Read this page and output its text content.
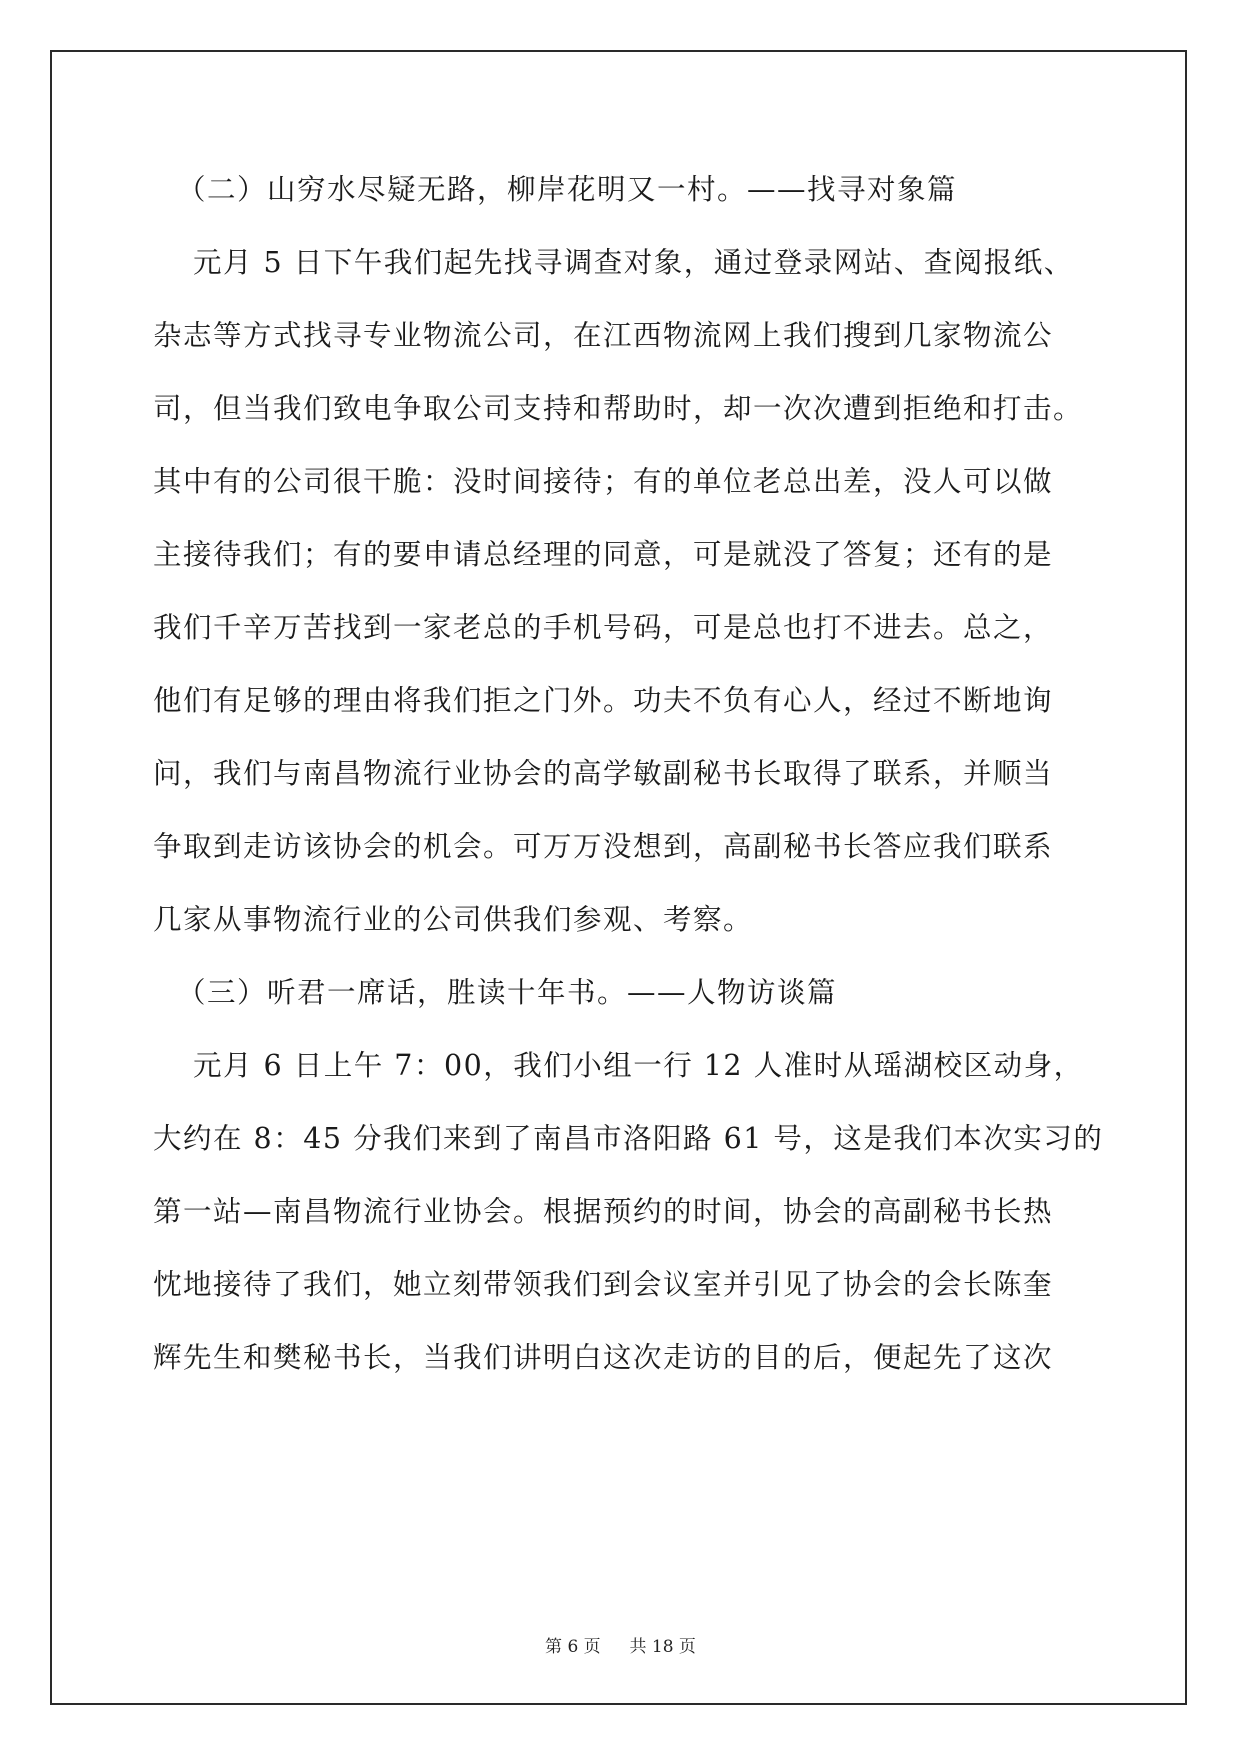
（二）山穷水尽疑无路，柳岸花明又一村。——找寻对象篇
元月 5 日下午我们起先找寻调查对象，通过登录网站、查阅报纸、
杂志等方式找寻专业物流公司，在江西物流网上我们搜到几家物流公
司，但当我们致电争取公司支持和帮助时，却一次次遭到拒绝和打击。
其中有的公司很干脆：没时间接待；有的单位老总出差，没人可以做
主接待我们；有的要申请总经理的同意，可是就没了答复；还有的是
我们千辛万苦找到一家老总的手机号码，可是总也打不进去。总之，
他们有足够的理由将我们拒之门外。功夫不负有心人，经过不断地询
问，我们与南昌物流行业协会的高学敏副秘书长取得了联系，并顺当
争取到走访该协会的机会。可万万没想到，高副秘书长答应我们联系
几家从事物流行业的公司供我们参观、考察。
（三）听君一席话，胜读十年书。——人物访谈篇
元月 6 日上午 7：00，我们小组一行 12 人准时从瑶湖校区动身，
大约在 8：45 分我们来到了南昌市洛阳路 61 号，这是我们本次实习的
第一站—南昌物流行业协会。根据预约的时间，协会的高副秘书长热
忱地接待了我们，她立刻带领我们到会议室并引见了协会的会长陈奎
辉先生和樊秘书长，当我们讲明白这次走访的目的后，便起先了这次
第 6 页 共 18 页
